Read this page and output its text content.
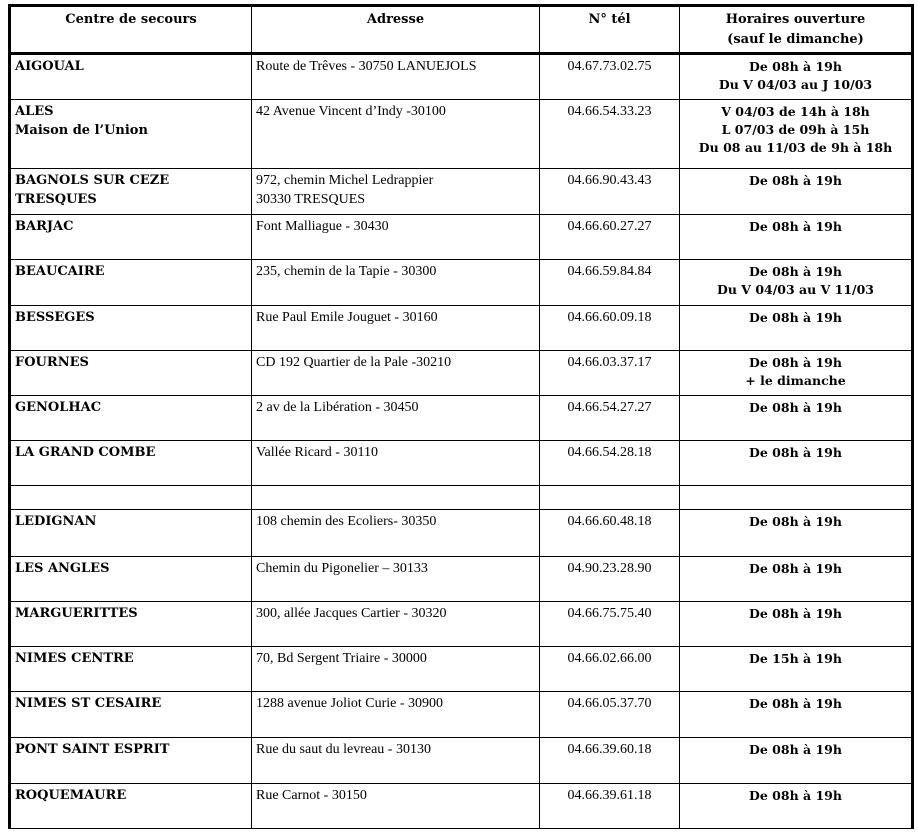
Centre de secours	Adresse	N° tél	Horaires ouverture
(sauf le dimanche)

AIGOUAL	Route de Trêves - 30750 LANUEJOLS	04.67.73.02.75	De 08h à 19h
Du V 04/03 au J 10/03

ALES
Maison de l’Union	42 Avenue Vincent d’Indy -30100	04.66.54.33.23	V 04/03 de 14h à 18h
L 07/03 de 09h à 15h
Du 08 au 11/03 de 9h à 18h

BAGNOLS SUR CEZE
TRESQUES	972, chemin Michel Ledrappier
30330 TRESQUES	04.66.90.43.43	De 08h à 19h

BARJAC	Font Malliague - 30430	04.66.60.27.27	De 08h à 19h

BEAUCAIRE	235, chemin de la Tapie - 30300	04.66.59.84.84	De 08h à 19h
Du V 04/03 au V 11/03

BESSEGES	Rue Paul Emile Jouguet - 30160	04.66.60.09.18	De 08h à 19h

FOURNES	CD 192 Quartier de la Pale -30210	04.66.03.37.17	De 08h à 19h
+ le dimanche

GENOLHAC	2 av de la Libération - 30450	04.66.54.27.27	De 08h à 19h

LA GRAND COMBE	Vallée Ricard - 30110	04.66.54.28.18	De 08h à 19h

LEDIGNAN	108 chemin des Ecoliers- 30350	04.66.60.48.18	De 08h à 19h

LES ANGLES	Chemin du Pigonelier – 30133	04.90.23.28.90	De 08h à 19h

MARGUERITTES	300, allée Jacques Cartier - 30320	04.66.75.75.40	De 08h à 19h

NIMES CENTRE	70, Bd Sergent Triaire - 30000	04.66.02.66.00	De 15h à 19h

NIMES ST CESAIRE	1288 avenue Joliot Curie - 30900	04.66.05.37.70	De 08h à 19h

PONT SAINT ESPRIT	Rue du saut du levreau - 30130	04.66.39.60.18	De 08h à 19h

ROQUEMAURE	Rue Carnot - 30150	04.66.39.61.18	De 08h à 19h
